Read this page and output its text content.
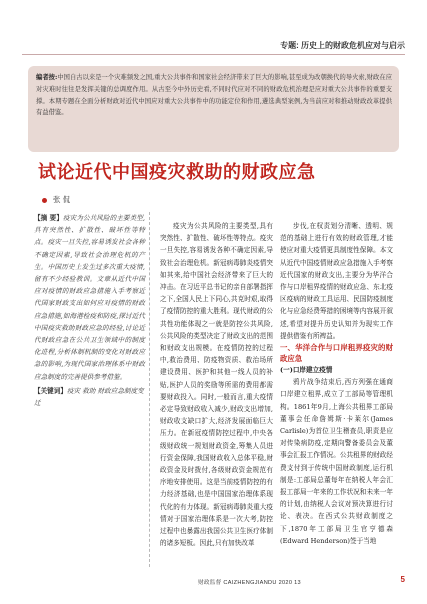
专题: 历史上的财政危机应对与启示
编者按:中国自古以来是一个灾难频发之国,重大公共事件和国家社会经济带来了巨大的影响,甚至成为改朝换代的导火索,财政在应对灾难时往往是发挥关键的总调度作用。从古至今中外历史看,不同时代应对不同的财政危机治理是应对重大公共事件的重要支撑。本期专题在全面分析财政对近代中国应对重大公共事件中的功能定位和作用,遴选典型案例,为当前应对和推动财政改革提供有益借鉴。
试论近代中国疫灾救助的财政应急
张 侃
【摘 要】疫灾为公共风险的主要类型,具有突然性、扩散性、破坏性等特点。疫灾一旦失控,容易诱发社会各种不确定因素,导致社会治理危机的产生。中国历史上发生过多次重大疫情,留有不少经验教训。文章从近代中国应对疫情的财政应急措施入手考察近代国家财政支出如何应对疫情的财政应急措施,如海港检疫和防疫,探讨近代中国疫灾救助财政应急的经验,讨论近代财政应急在公共卫生领域中的制度化进程,分析体制机制的变化对财政应急的影响,为现代国家治理体系中财政应急制度的完善提供参考借鉴。
【关键词】疫灾 救助 财政应急制度变迁
疫灾为公共风险的主要类型,具有突然性、扩散性、破坏性等特点。疫灾一旦失控,容易诱发各种不确定因素,导致社会治理危机。新冠病毒肺炎疫情突如其来,给中国社会经济带来了巨大的冲击。在习近平总书记的亲自部署指挥之下,全国人民上下同心,共克时艰,取得了疫情防控的重大胜利。现代财政的公共性功能体现之一就是防控公共风险,公共风险的类型决定了财政支出的范围和财政支出规模。在疫情防控的过程中,救治费用、防疫物资质、救治场所建设费用、医护和其他一线人员的补贴,医护人员的奖励等所需的费用都需要财政投入。同时,一般而言,重大疫情必定导致财政收入减少,财政支出增加,财政收支缺口扩大,经济发展面临巨大压力。在新冠疫情防控过程中,中央各级财政统一规划财政资金,筹集人员进行资金保障,我国财政收入总体平稳,财政资金及时拨付,各级财政资金规范有序地安排使用。这是当前疫情防控的有力经济基础,也是中国国家治理体系现代化的有力体现。新冠病毒肺炎重大疫情对于国家治理体系是一次大考,防控过程中也暴露出我国公共卫生医疗体制的诸多短板。因此,只有加快改革

步伐,在权责划分清晰、透明、规范的基础上进行有效的财政管理,才能使应对重大疫情更具制度性保障。本文从近代中国疫情财政应急措施入手考察近代国家的财政支出,主要分为华洋合作与口岸租界疫情的财政应急、东北疫区疫病的财政工具运用、民国防疫制度化与应急经费筹措的困境等内容展开叙述,希望对提升历史认知并为现实工作提供借鉴有所裨益。

一、华洋合作与口岸租界疫灾的财政应急

(一)口岸建立疫情

鸦片战争结束后,西方列强在通商口岸建立租界,成立了工部局等管理机构。1861年9月,上海公共租界工部局董事会任命詹姆斯·卡莱尔(James Carlisle)为首位卫生稽查员,职责是应对传染病防疫,定期向警备委员会及董事会汇报工作情况。公共租界的财政经费支付到于传统中国财政制度,运行机制是:工部局总董每年在纳税人年会汇报工部局一年来的工作状况和未来一年的计划,由纳税人会议对预决算进行讨论、表决。在西式公共财政制度之下,1870年工部局卫生官亨德森(Edward Henderson)签于当地

财政监督 CAIZHENGJIANDU 2020 13	5
